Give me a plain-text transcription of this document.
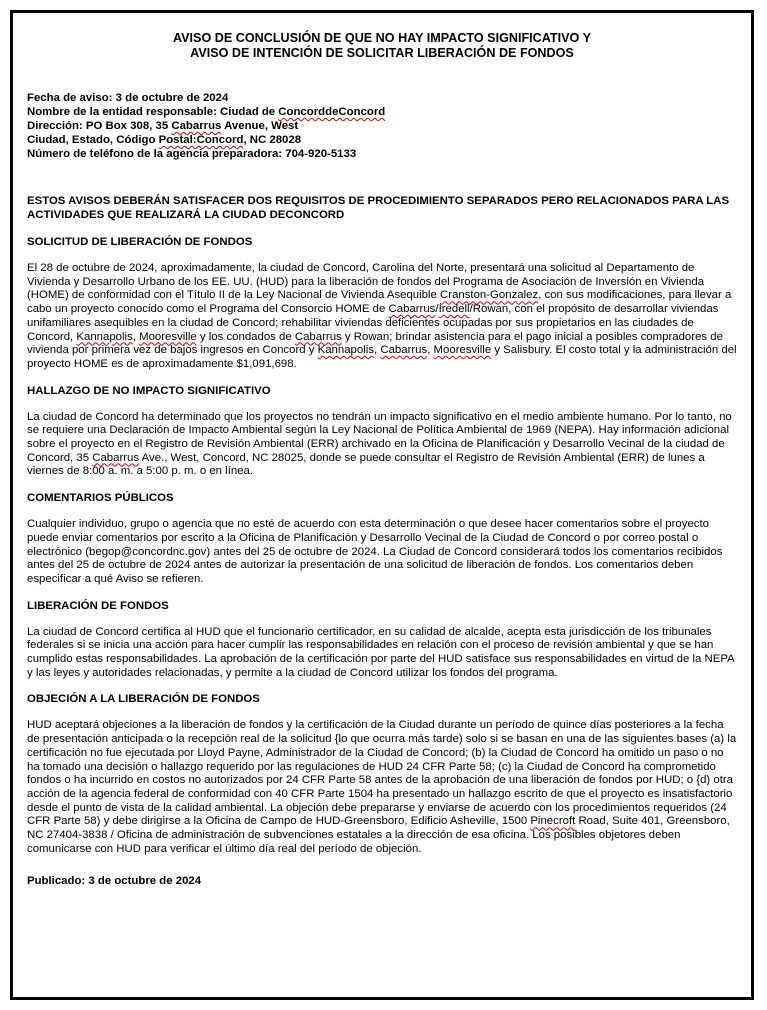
AVISO DE CONCLUSIÓN DE QUE NO HAY IMPACTO SIGNIFICATIVO Y
AVISO DE INTENCIÓN DE SOLICITAR LIBERACIÓN DE FONDOS
Fecha de aviso: 3 de octubre de 2024
Nombre de la entidad responsable: Ciudad de ConcorddeConcord
Dirección: PO Box 308, 35 Cabarrus Avenue, West
Ciudad, Estado, Código Postal:Concord, NC 28028
Número de teléfono de la agencia preparadora: 704-920-5133
ESTOS AVISOS DEBERÁN SATISFACER DOS REQUISITOS DE PROCEDIMIENTO SEPARADOS PERO RELACIONADOS PARA LAS ACTIVIDADES QUE REALIZARÁ LA CIUDAD DECONCORD
SOLICITUD DE LIBERACIÓN DE FONDOS
El 28 de octubre de 2024, aproximadamente, la ciudad de Concord, Carolina del Norte, presentará una solicitud al Departamento de Vivienda y Desarrollo Urbano de los EE. UU. (HUD) para la liberación de fondos del Programa de Asociación de Inversión en Vivienda (HOME) de conformidad con el Título II de la Ley Nacional de Vivienda Asequible Cranston-Gonzalez, con sus modificaciones, para llevar a cabo un proyecto conocido como el Programa del Consorcio HOME de Cabarrus/Iredell/Rowan, con el propósito de desarrollar viviendas unifamiliares asequibles en la ciudad de Concord; rehabilitar viviendas deficientes ocupadas por sus propietarios en las ciudades de Concord, Kannapolis, Mooresville y los condados de Cabarrus y Rowan; brindar asistencia para el pago inicial a posibles compradores de vivienda por primera vez de bajos ingresos en Concord y Kannapolis, Cabarrus, Mooresville y Salisbury. El costo total y la administración del proyecto HOME es de aproximadamente $1,091,698.
HALLAZGO DE NO IMPACTO SIGNIFICATIVO
La ciudad de Concord ha determinado que los proyectos no tendrán un impacto significativo en el medio ambiente humano. Por lo tanto, no se requiere una Declaración de Impacto Ambiental según la Ley Nacional de Política Ambiental de 1969 (NEPA). Hay información adicional sobre el proyecto en el Registro de Revisión Ambiental (ERR) archivado en la Oficina de Planificación y Desarrollo Vecinal de la ciudad de Concord, 35 Cabarrus Ave., West, Concord, NC 28025, donde se puede consultar el Registro de Revisión Ambiental (ERR) de lunes a viernes de 8:00 a. m. a 5:00 p. m. o en línea.
COMENTARIOS PÚBLICOS
Cualquier individuo, grupo o agencia que no esté de acuerdo con esta determinación o que desee hacer comentarios sobre el proyecto puede enviar comentarios por escrito a la Oficina de Planificación y Desarrollo Vecinal de la Ciudad de Concord o por correo postal o electrónico (begop@concordnc.gov) antes del 25 de octubre de 2024. La Ciudad de Concord considerará todos los comentarios recibidos antes del 25 de octubre de 2024 antes de autorizar la presentación de una solicitud de liberación de fondos. Los comentarios deben especificar a qué Aviso se refieren.
LIBERACIÓN DE FONDOS
La ciudad de Concord certifica al HUD que el funcionario certificador, en su calidad de alcalde, acepta esta jurisdicción de los tribunales federales si se inicia una acción para hacer cumplir las responsabilidades en relación con el proceso de revisión ambiental y que se han cumplido estas responsabilidades. La aprobación de la certificación por parte del HUD satisface sus responsabilidades en virtud de la NEPA y las leyes y autoridades relacionadas, y permite a la ciudad de Concord utilizar los fondos del programa.
OBJECIÓN A LA LIBERACIÓN DE FONDOS
HUD aceptará objeciones a la liberación de fondos y la certificación de la Ciudad durante un período de quince días posteriores a la fecha de presentación anticipada o la recepción real de la solicitud {lo que ocurra más tarde) solo si se basan en una de las siguientes bases (a) la certificación no fue ejecutada por Lloyd Payne, Administrador de la Ciudad de Concord; (b) la Ciudad de Concord ha omitido un paso o no ha tomado una decisión o hallazgo requerido por las regulaciones de HUD 24 CFR Parte 58; (c) la Ciudad de Concord ha comprometido fondos o ha incurrido en costos no autorizados por 24 CFR Parte 58 antes de la aprobación de una liberación de fondos por HUD; o {d) otra acción de la agencia federal de conformidad con 40 CFR Parte 1504 ha presentado un hallazgo escrito de que el proyecto es insatisfactorio desde el punto de vista de la calidad ambiental. La objeción debe prepararse y enviarse de acuerdo con los procedimientos requeridos (24 CFR Parte 58) y debe dirigirse a la Oficina de Campo de HUD-Greensboro, Edificio Asheville, 1500 Pinecroft Road, Suite 401, Greensboro, NC 27404-3838 / Oficina de administración de subvenciones estatales a la dirección de esa oficina. Los posibles objetores deben comunicarse con HUD para verificar el último día real del período de objeción.
Publicado: 3 de octubre de 2024
